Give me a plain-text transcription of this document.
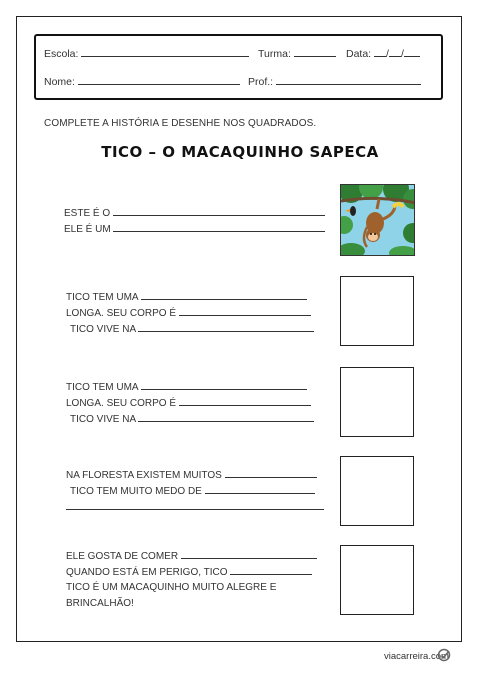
Escola:	Turma:	Data: / /
Nome:	Prof.:
COMPLETE A HISTÓRIA E DESENHE NOS QUADRADOS.
TICO – O MACAQUINHO SAPECA
ESTE É O
ELE É UM
TICO TEM UMA
LONGA. SEU CORPO É
TICO VIVE NA
TICO TEM UMA
LONGA. SEU CORPO É
TICO VIVE NA
NA FLORESTA EXISTEM MUITOS
TICO TEM MUITO MEDO DE
ELE GOSTA DE COMER
QUANDO ESTÁ EM PERIGO, TICO
TICO É UM MACAQUINHO MUITO ALEGRE E
BRINCALHÃO!
viacarreira.com
